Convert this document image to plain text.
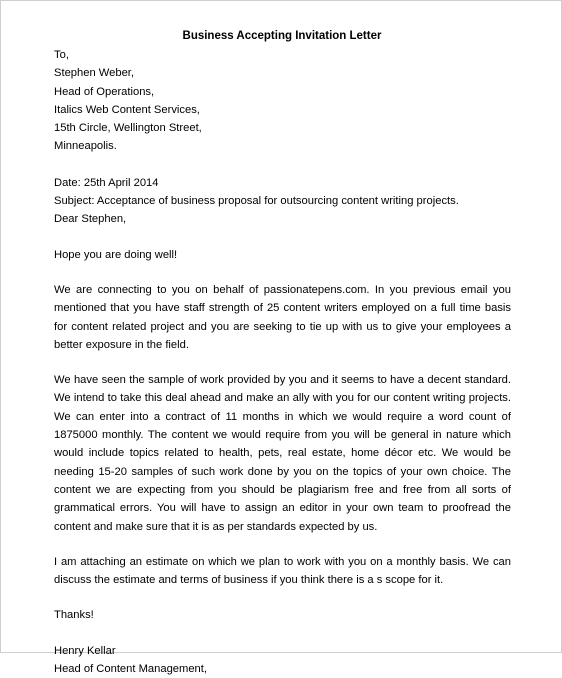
Business Accepting Invitation Letter
To,
Stephen Weber,
Head of Operations,
Italics Web Content Services,
15th Circle, Wellington Street,
Minneapolis.
Date: 25th April 2014
Subject: Acceptance of business proposal for outsourcing content writing projects.
Dear Stephen,

Hope you are doing well!

We are connecting to you on behalf of passionatepens.com. In you previous email you mentioned that you have staff strength of 25 content writers employed on a full time basis for content related project and you are seeking to tie up with us to give your employees a better exposure in the field.

We have seen the sample of work provided by you and it seems to have a decent standard. We intend to take this deal ahead and make an ally with you for our content writing projects. We can enter into a contract of 11 months in which we would require a word count of 1875000 monthly. The content we would require from you will be general in nature which would include topics related to health, pets, real estate, home décor etc. We would be needing 15-20 samples of such work done by you on the topics of your own choice. The content we are expecting from you should be plagiarism free and free from all sorts of grammatical errors. You will have to assign an editor in your own team to proofread the content and make sure that it is as per standards expected by us.

I am attaching an estimate on which we plan to work with you on a monthly basis. We can discuss the estimate and terms of business if you think there is a s scope for it.

Thanks!

Henry Kellar
Head of Content Management,
